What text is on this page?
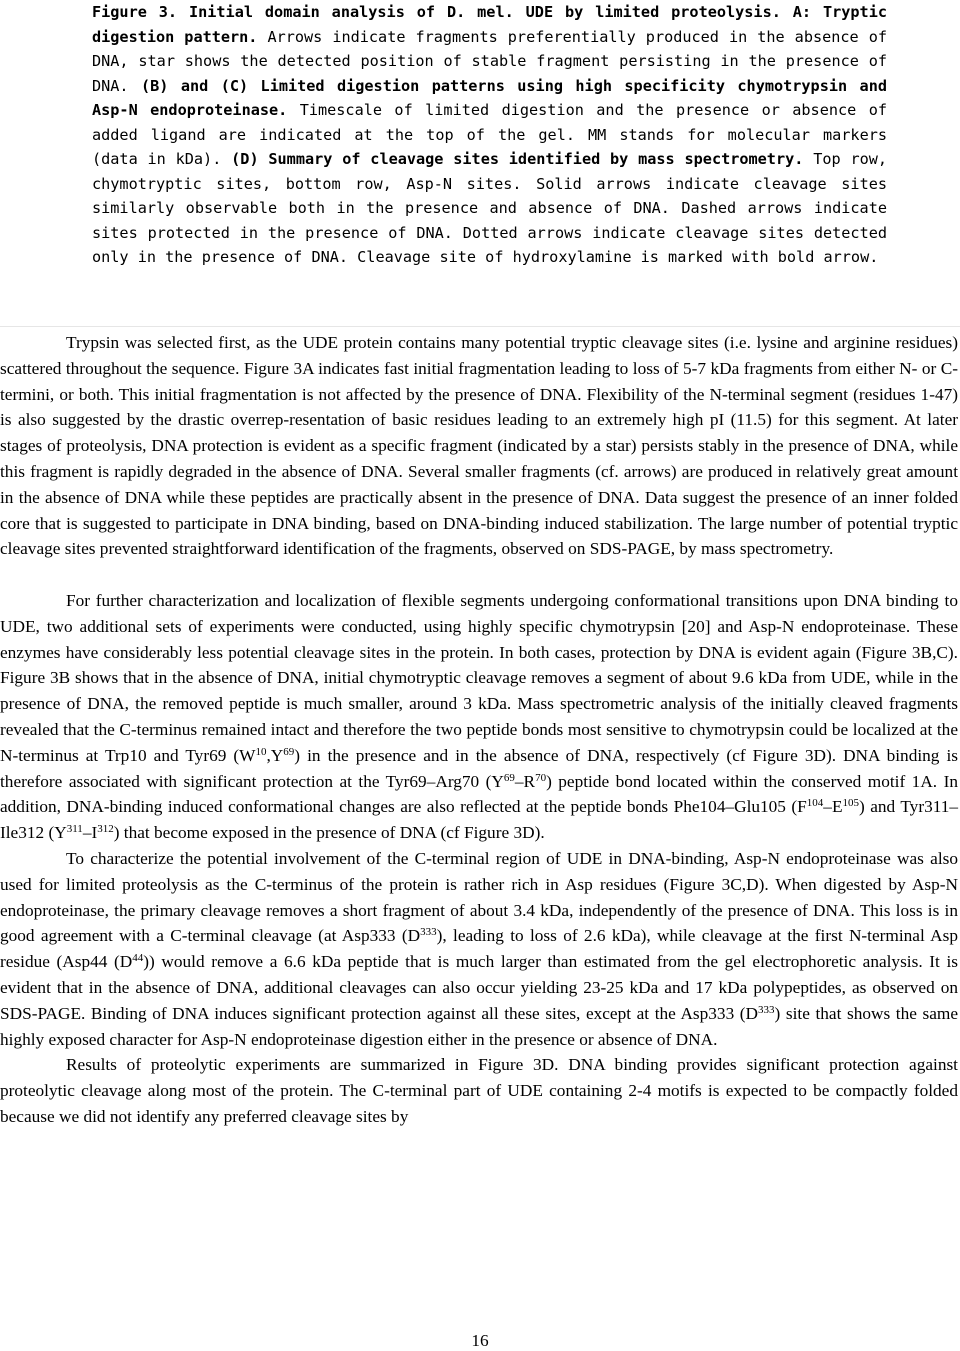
Figure 3. Initial domain analysis of D. mel. UDE by limited proteolysis. A: Tryptic digestion pattern. Arrows indicate fragments preferentially produced in the absence of DNA, star shows the detected position of stable fragment persisting in the presence of DNA. (B) and (C) Limited digestion patterns using high specificity chymotrypsin and Asp-N endoproteinase. Timescale of limited digestion and the presence or absence of added ligand are indicated at the top of the gel. MM stands for molecular markers (data in kDa). (D) Summary of cleavage sites identified by mass spectrometry. Top row, chymotryptic sites, bottom row, Asp-N sites. Solid arrows indicate cleavage sites similarly observable both in the presence and absence of DNA. Dashed arrows indicate sites protected in the presence of DNA. Dotted arrows indicate cleavage sites detected only in the presence of DNA. Cleavage site of hydroxylamine is marked with bold arrow.

Trypsin was selected first, as the UDE protein contains many potential tryptic cleavage sites (i.e. lysine and arginine residues) scattered throughout the sequence. Figure 3A indicates fast initial fragmentation leading to loss of 5-7 kDa fragments from either N- or C-termini, or both. This initial fragmentation is not affected by the presence of DNA. Flexibility of the N-terminal segment (residues 1-47) is also suggested by the drastic overrep-resentation of basic residues leading to an extremely high pI (11.5) for this segment. At later stages of proteolysis, DNA protection is evident as a specific fragment (indicated by a star) persists stably in the presence of DNA, while this fragment is rapidly degraded in the absence of DNA. Several smaller fragments (cf. arrows) are produced in relatively great amount in the absence of DNA while these peptides are practically absent in the presence of DNA. Data suggest the presence of an inner folded core that is suggested to participate in DNA binding, based on DNA-binding induced stabilization. The large number of potential tryptic cleavage sites prevented straightforward identification of the fragments, observed on SDS-PAGE, by mass spectrometry.

For further characterization and localization of flexible segments undergoing conformational transitions upon DNA binding to UDE, two additional sets of experiments were conducted, using highly specific chymotrypsin [20] and Asp-N endoproteinase. These enzymes have considerably less potential cleavage sites in the protein. In both cases, protection by DNA is evident again (Figure 3B,C). Figure 3B shows that in the absence of DNA, initial chymotryptic cleavage removes a segment of about 9.6 kDa from UDE, while in the presence of DNA, the removed peptide is much smaller, around 3 kDa. Mass spectrometric analysis of the initially cleaved fragments revealed that the C-terminus remained intact and therefore the two peptide bonds most sensitive to chymotrypsin could be localized at the N-terminus at Trp10 and Tyr69 $(W^{10},Y^{69})$ in the presence and in the absence of DNA, respectively (cf Figure 3D). DNA binding is therefore associated with significant protection at the Tyr69–Arg70 $(Y^{69}-R^{70})$ peptide bond located within the conserved motif 1A. In addition, DNA-binding induced conformational changes are also reflected at the peptide bonds Phe104–Glu105 $(F^{104}-E^{105})$ and Tyr311–Ile312 $(Y^{311}-I^{312})$ that become exposed in the presence of DNA (cf Figure 3D).

To characterize the potential involvement of the C-terminal region of UDE in DNA-binding, Asp-N endoproteinase was also used for limited proteolysis as the C-terminus of the protein is rather rich in Asp residues (Figure 3C,D). When digested by Asp-N endoproteinase, the primary cleavage removes a short fragment of about 3.4 kDa, independently of the presence of DNA. This loss is in good agreement with a C-terminal cleavage (at Asp333 $(D^{333})$, leading to loss of 2.6 kDa), while cleavage at the first N-terminal Asp residue (Asp44 $(D^{44})$) would remove a 6.6 kDa peptide that is much larger than estimated from the gel electrophoretic analysis. It is evident that in the absence of DNA, additional cleavages can also occur yielding 23-25 kDa and 17 kDa polypeptides, as observed on SDS-PAGE. Binding of DNA induces significant protection against all these sites, except at the Asp333 $(D^{333})$ site that shows the same highly exposed character for Asp-N endoproteinase digestion either in the presence or absence of DNA.

Results of proteolytic experiments are summarized in Figure 3D. DNA binding provides significant protection against proteolytic cleavage along most of the protein. The C-terminal part of UDE containing 2-4 motifs is expected to be compactly folded because we did not identify any preferred cleavage sites by

16
